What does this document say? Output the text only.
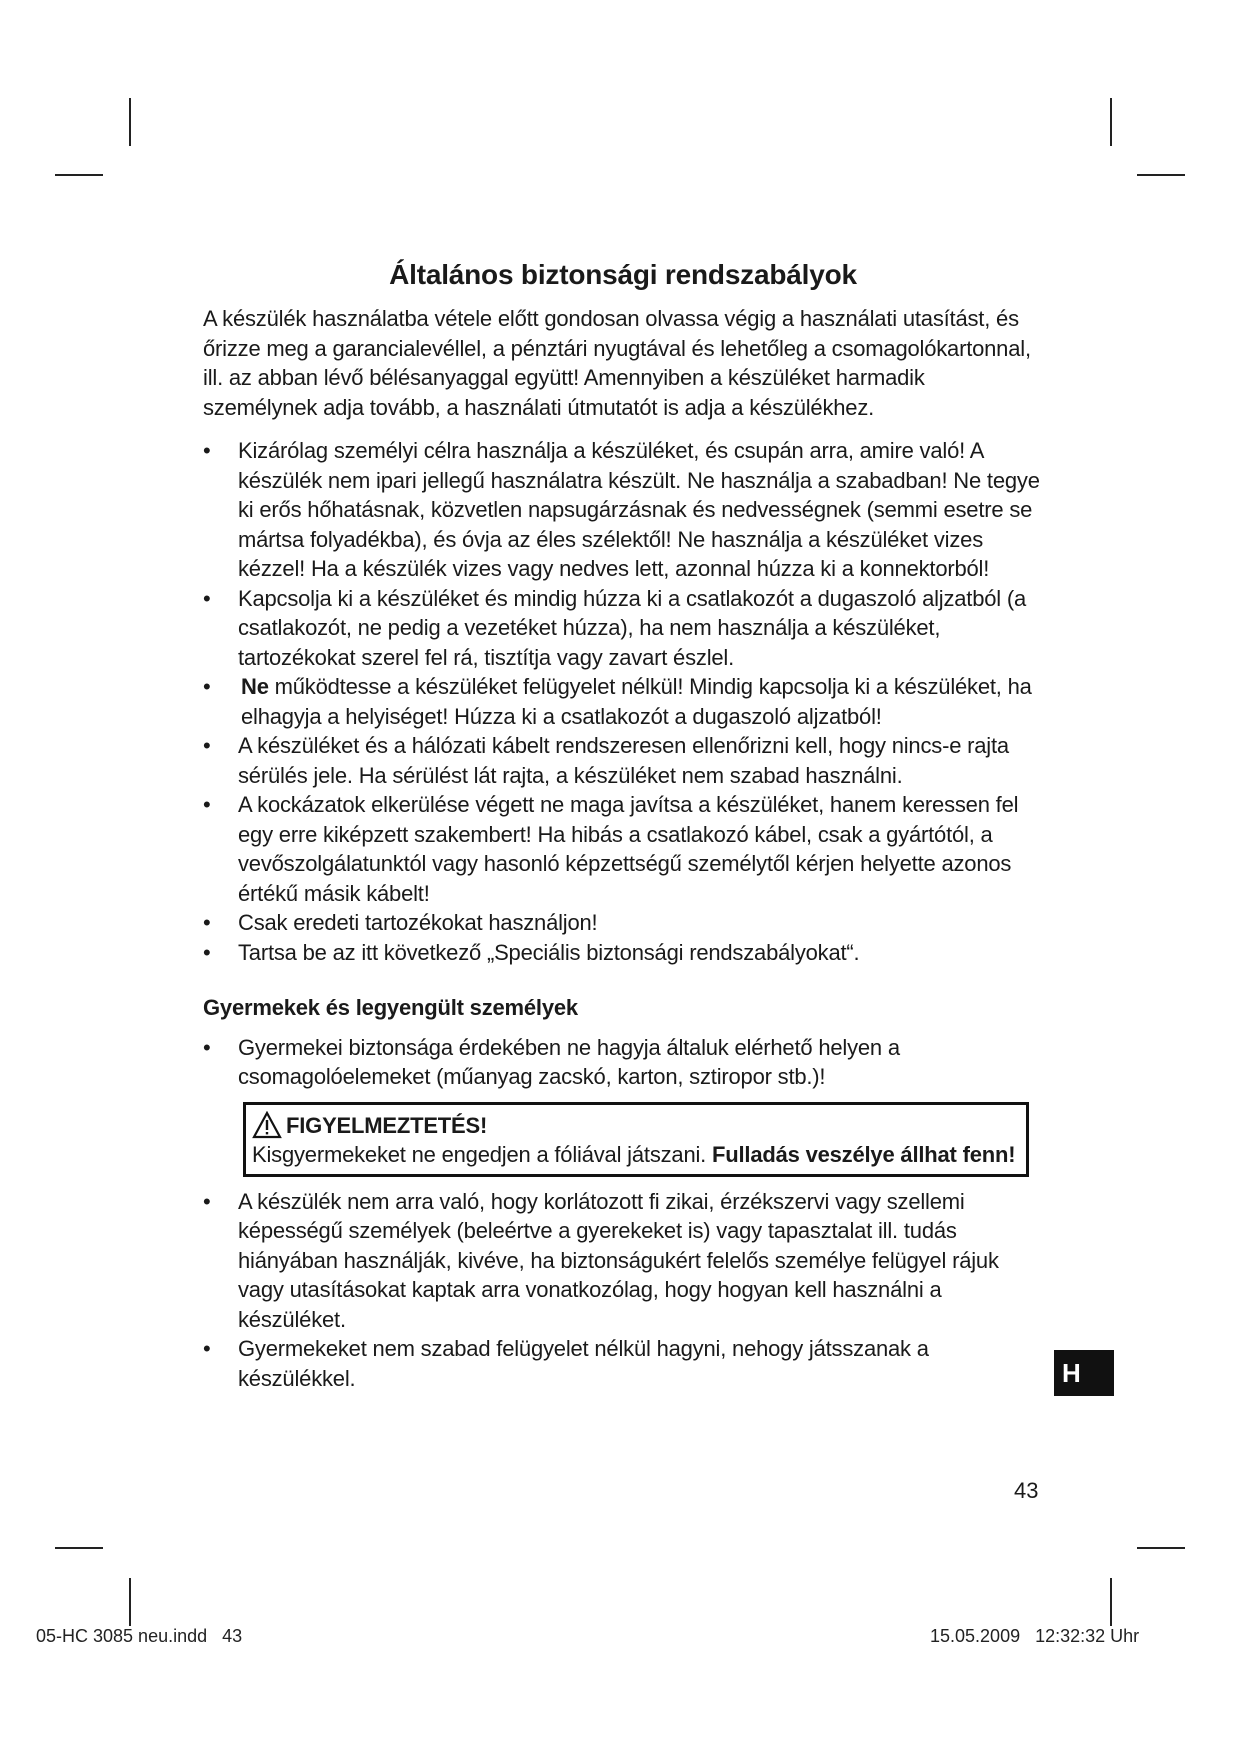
Általános biztonsági rendszabályok

A készülék használatba vétele előtt gondosan olvassa végig a használati utasítást, és őrizze meg a garancialevéllel, a pénztári nyugtával és lehetőleg a csomagolókartonnal, ill. az abban lévő bélésanyaggal együtt! Amennyiben a készüléket harmadik személynek adja tovább, a használati útmutatót is adja a készülékhez.

• Kizárólag személyi célra használja a készüléket, és csupán arra, amire való! A készülék nem ipari jellegű használatra készült. Ne használja a szabadban! Ne tegye ki erős hőhatásnak, közvetlen napsugárzásnak és nedvességnek (semmi esetre se mártsa folyadékba), és óvja az éles szélektől! Ne használja a készüléket vizes kézzel! Ha a készülék vizes vagy nedves lett, azonnal húzza ki a konnektorból!
• Kapcsolja ki a készüléket és mindig húzza ki a csatlakozót a dugaszoló aljzatból (a csatlakozót, ne pedig a vezetéket húzza), ha nem használja a készüléket, tartozékokat szerel fel rá, tisztítja vagy zavart észlel.
• Ne működtesse a készüléket felügyelet nélkül! Mindig kapcsolja ki a készüléket, ha elhagyja a helyiséget! Húzza ki a csatlakozót a dugaszoló aljzatból!
• A készüléket és a hálózati kábelt rendszeresen ellenőrizni kell, hogy nincs-e rajta sérülés jele. Ha sérülést lát rajta, a készüléket nem szabad használni.
• A kockázatok elkerülése végett ne maga javítsa a készüléket, hanem keressen fel egy erre kiképzett szakembert! Ha hibás a csatlakozó kábel, csak a gyártótól, a vevőszolgálatunktól vagy hasonló képzettségű személytől kérjen helyette azonos értékű másik kábelt!
• Csak eredeti tartozékokat használjon!
• Tartsa be az itt következő „Speciális biztonsági rendszabályokat“.
Gyermekek és legyengült személyek
• Gyermekei biztonsága érdekében ne hagyja általuk elérhető helyen a csomagolóelemeket (műanyag zacskó, karton, sztiropor stb.)!
FIGYELMEZTETÉS!
Kisgyermekeket ne engedjen a fóliával játszani. Fulladás veszélye állhat fenn!
• A készülék nem arra való, hogy korlátozott fi zikai, érzékszervi vagy szellemi képességű személyek (beleértve a gyerekeket is) vagy tapasztalat ill. tudás hiányában használják, kivéve, ha biztonságukért felelős személye felügyel rájuk vagy utasításokat kaptak arra vonatkozólag, hogy hogyan kell használni a készüléket.
• Gyermekeket nem szabad felügyelet nélkül hagyni, nehogy játsszanak a készülékkel.	H
43
05-HC 3085 neu.indd   43	15.05.2009   12:32:32 Uhr
